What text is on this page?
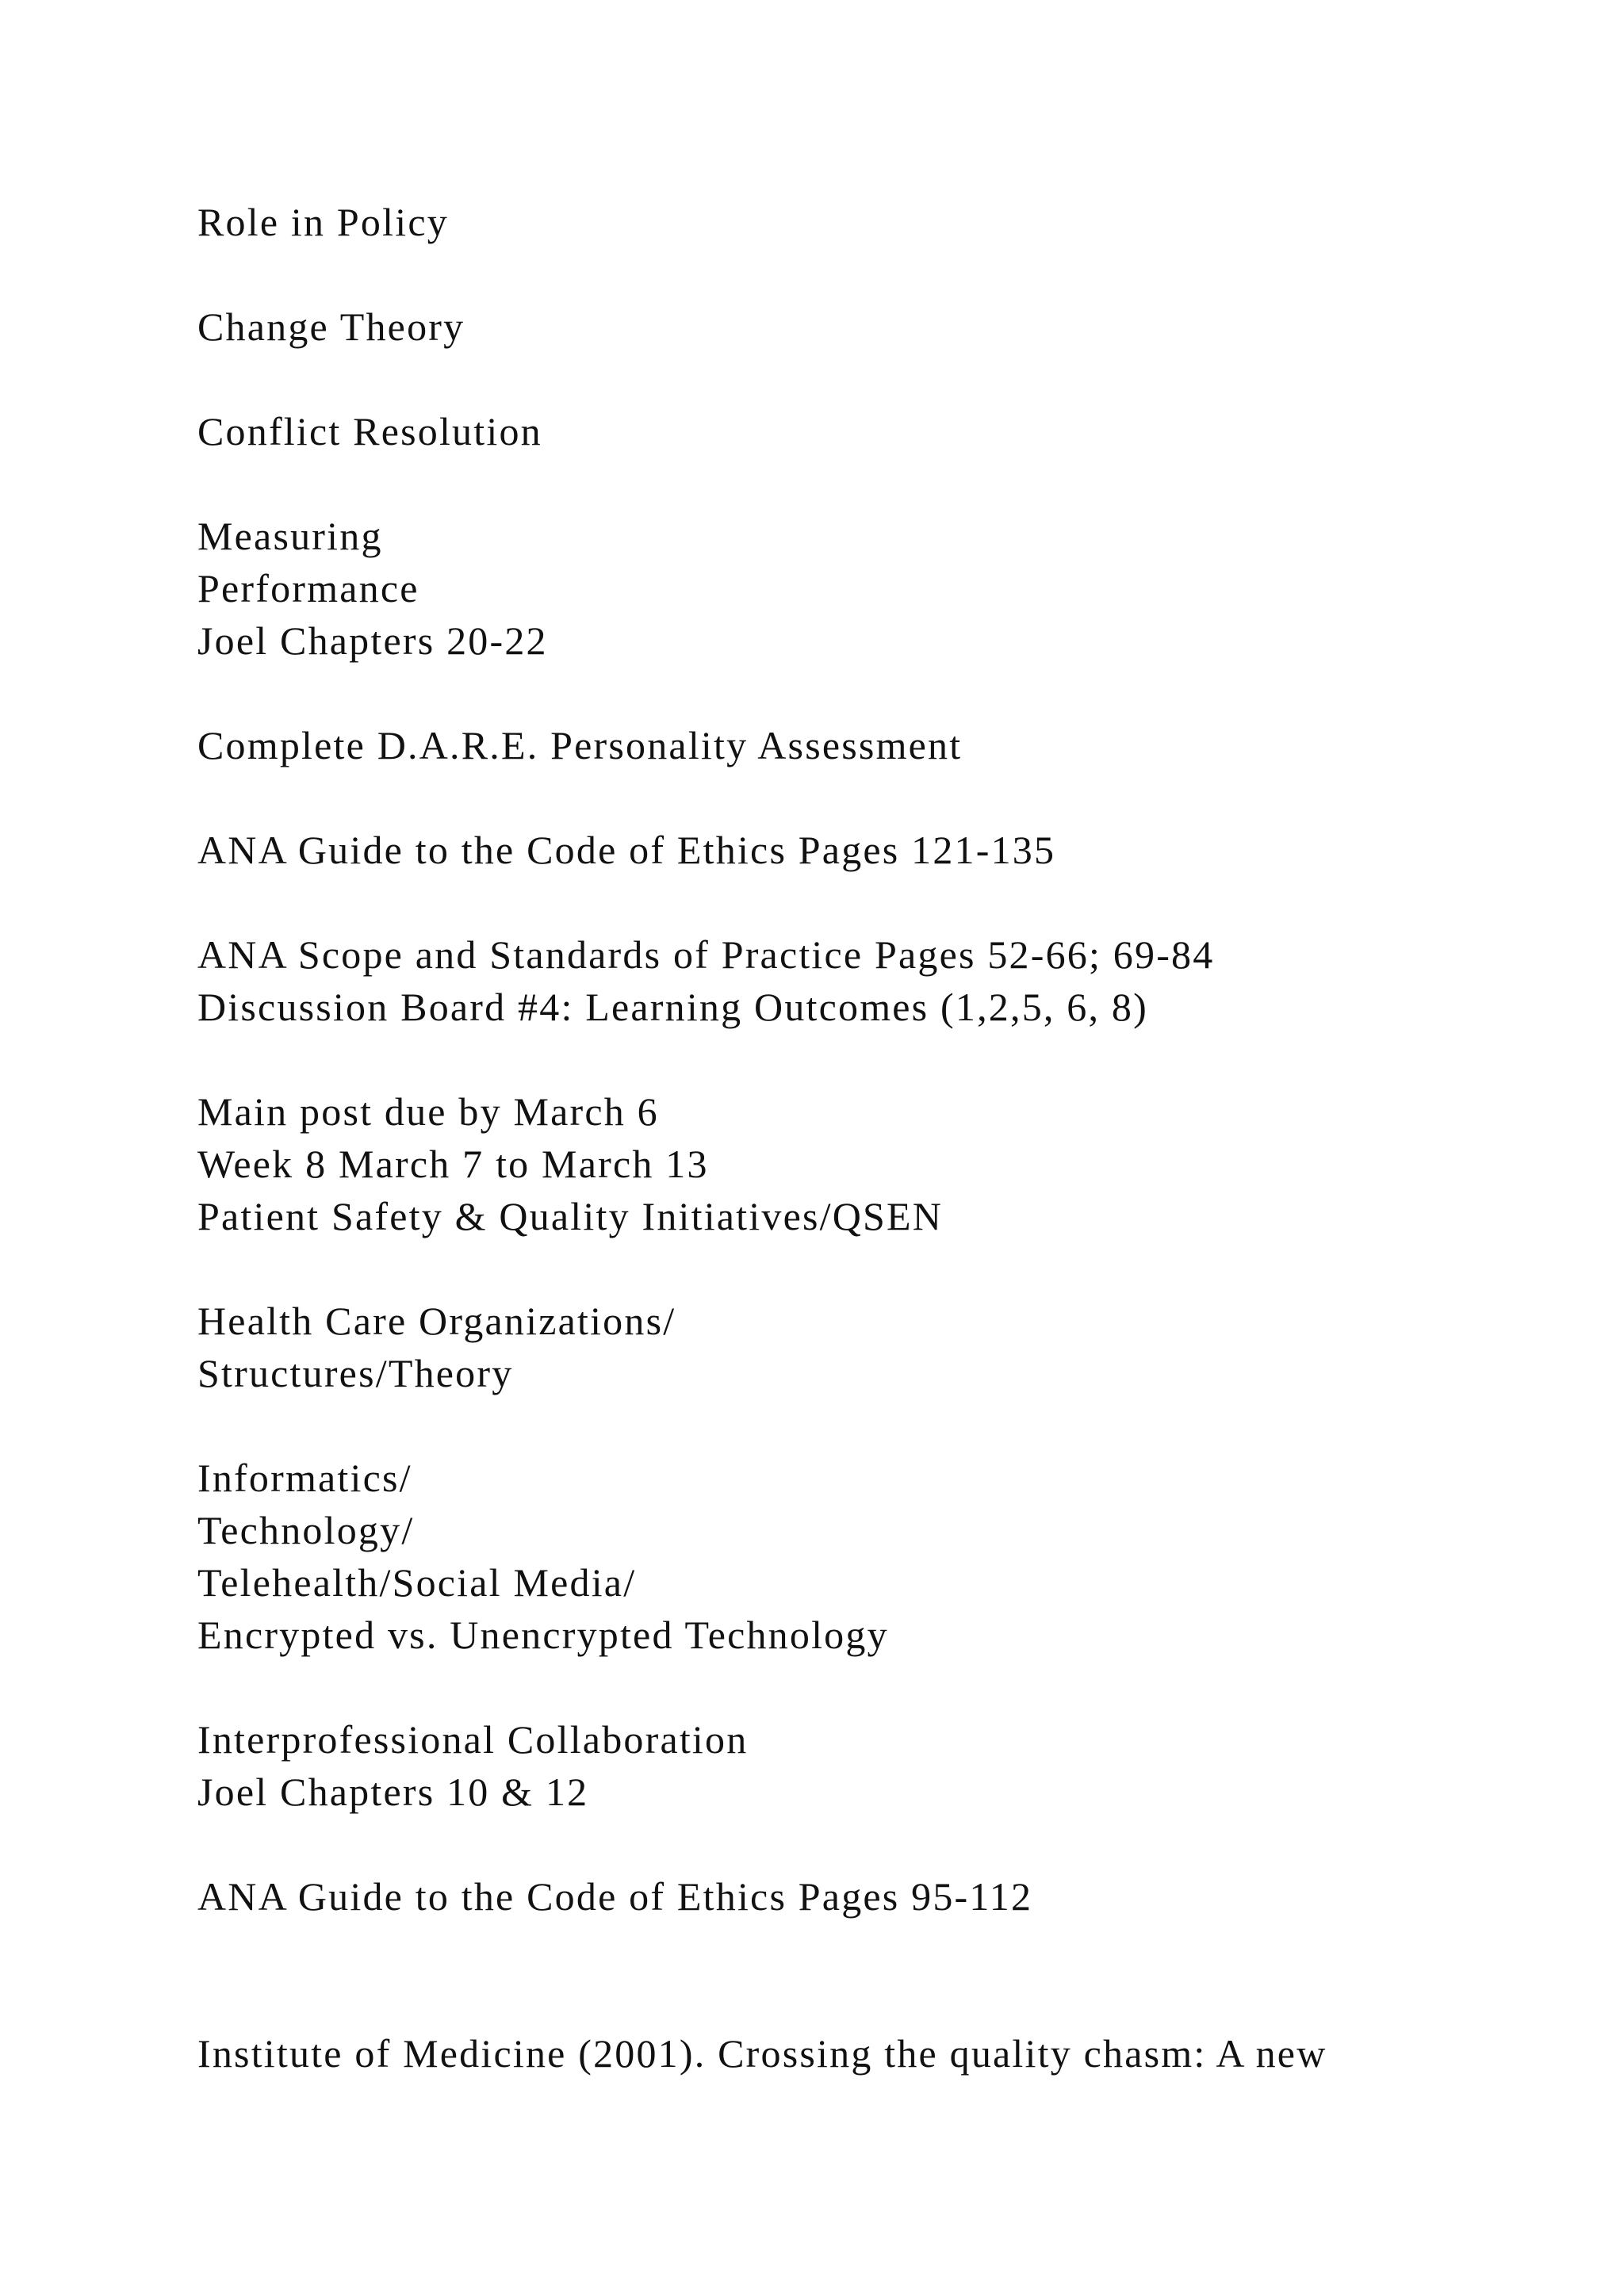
Role in Policy

Change Theory

Conflict Resolution

Measuring

Performance

Joel Chapters 20-22

Complete D.A.R.E. Personality Assessment

ANA Guide to the Code of Ethics Pages 121-135

ANA Scope and Standards of Practice Pages 52-66; 69-84

Discussion Board #4: Learning Outcomes (1,2,5, 6, 8)

Main post due by March 6

Week 8 March 7 to March 13

Patient Safety & Quality Initiatives/QSEN

Health Care Organizations/

Structures/Theory

Informatics/

Technology/

Telehealth/Social Media/

Encrypted vs. Unencrypted Technology

Interprofessional Collaboration

Joel Chapters 10 & 12

ANA Guide to the Code of Ethics Pages 95-112

Institute of Medicine (2001). Crossing the quality chasm: A new
